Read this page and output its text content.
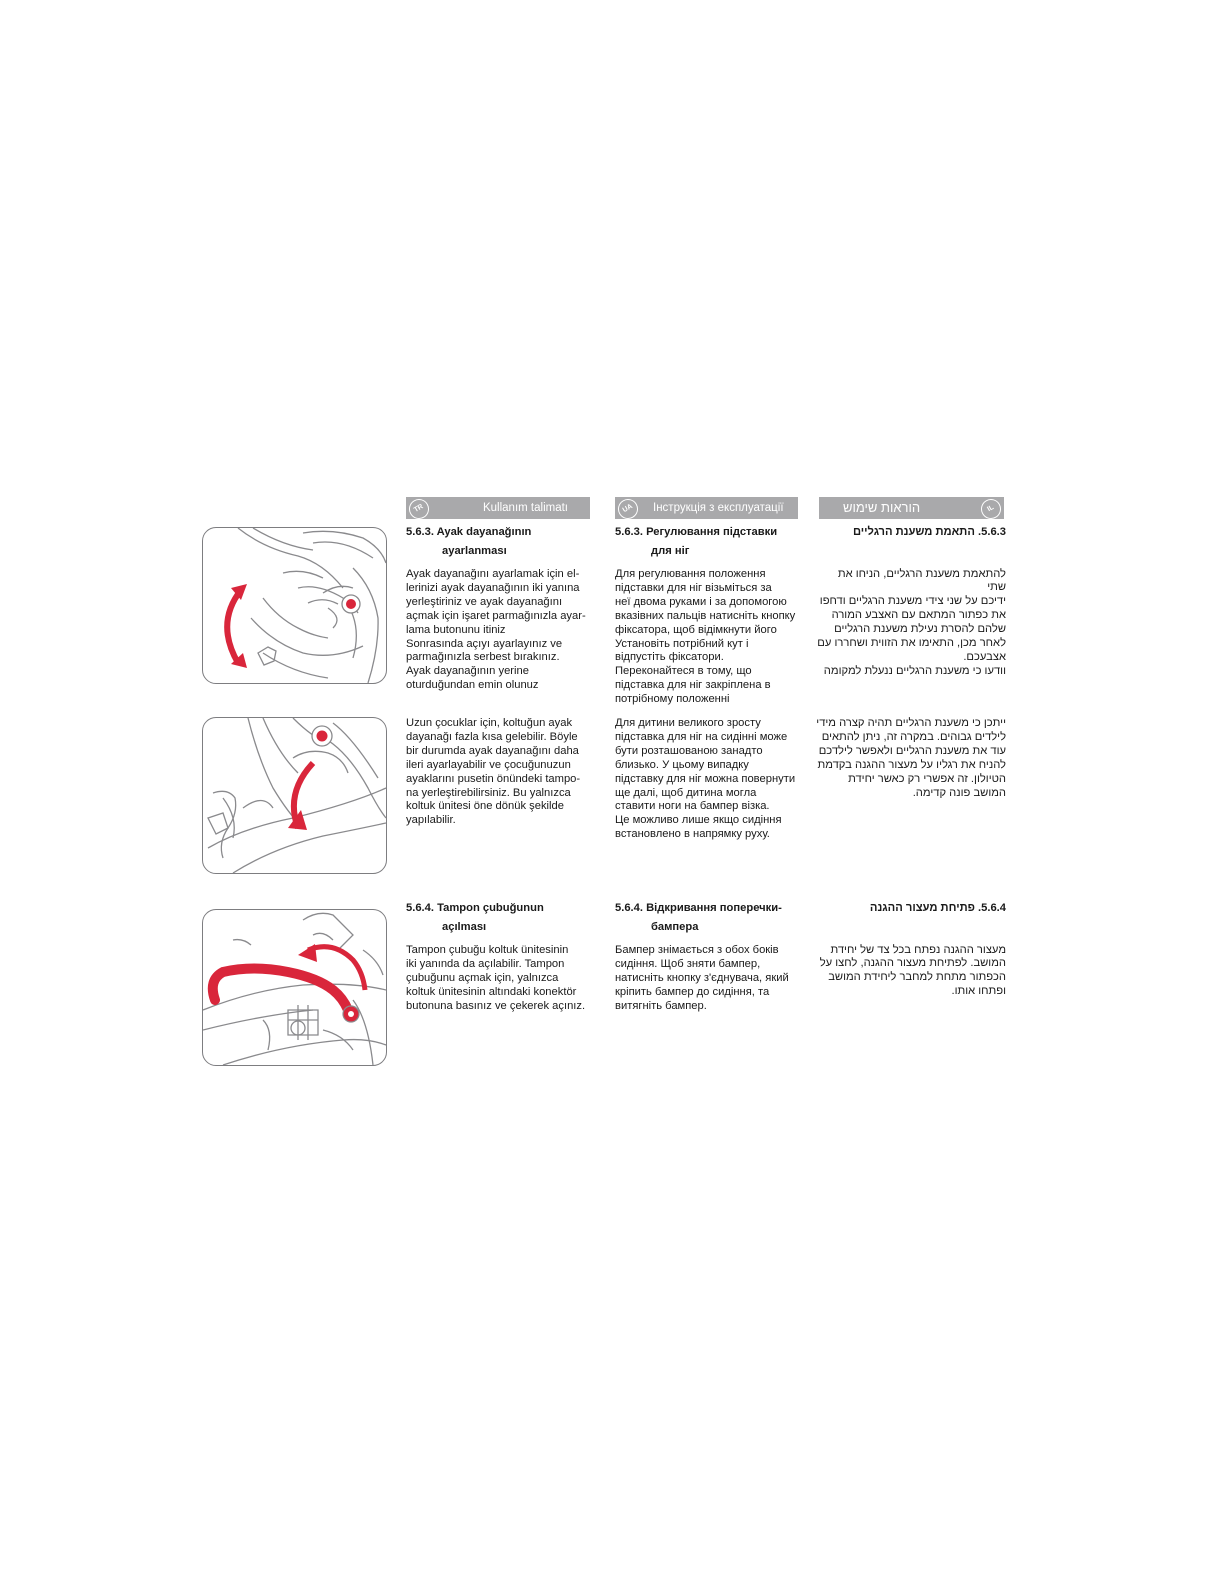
TR	Kullanım talimatı	UA	Інструкція з експлуатації	הוראות שימוש	IL
5.6.3. Ayak dayanağının
ayarlanması
Ayak dayanağını ayarlamak için el-
lerinizi ayak dayanağının iki yanına
yerleştiriniz ve ayak dayanağını
açmak için işaret parmağınızla ayar-
lama butonunu itiniz
Sonrasında açıyı ayarlayınız ve
parmağınızla serbest bırakınız.
Ayak dayanağının yerine
oturduğundan emin olunuz
5.6.3. Регулювання підставки
для ніг
Для регулювання положення
підставки для ніг візьміться за
неї двома руками і за допомогою
вказівних пальців натисніть кнопку
фіксатора, щоб відімкнути його
Установіть потрібний кут і
відпустіть фіксатори.
Переконайтеся в тому, що
підставка для ніг закріплена в
потрібному положенні
5.6.3. התאמת משענת הרגליים
להתאמת משענת הרגליים, הניחו את שתי
ידיכם על שני צידי משענת הרגליים ודחפו
את כפתור המתאם עם האצבע המורה
שלהם להסרת נעילת משענת הרגליים
לאחר מכן, התאימו את הזווית ושחררו עם
אצבעכם.
וודעו כי משענת הרגליים ננעלת למקומה
Uzun çocuklar için, koltuğun ayak
dayanağı fazla kısa gelebilir. Böyle
bir durumda ayak dayanağını daha
ileri ayarlayabilir ve çocuğunuzun
ayaklarını pusetin önündeki tampo-
na yerleştirebilirsiniz. Bu yalnızca
koltuk ünitesi öne dönük şekilde
yapılabilir.
Для дитини великого зросту
підставка для ніг на сидінні може
бути розташованою занадто
близько. У цьому випадку
підставку для ніг можна повернути
ще далі, щоб дитина могла
ставити ноги на бампер візка.
Це можливо лише якщо сидіння
встановлено в напрямку руху.
ייתכן כי משענת הרגליים תהיה קצרה מידי
לילדים גבוהים. במקרה זה, ניתן להתאים
עוד את משענת הרגליים ולאפשר לילדכם
להניח את רגליו על מעצור ההגנה בקדמת
הטיולון. זה אפשרי רק כאשר יחידת
המושב פונה קדימה.
5.6.4. Tampon çubuğunun
açılması
Tampon çubuğu koltuk ünitesinin
iki yanında da açılabilir. Tampon
çubuğunu açmak için, yalnızca
koltuk ünitesinin altındaki konektör
butonuna basınız ve çekerek açınız.
5.6.4. Відкривання поперечки-
бампера
Бампер знімається з обох боків
сидіння. Щоб зняти бампер,
натисніть кнопку з'єднувача, який
кріпить бампер до сидіння, та
витягніть бампер.
5.6.4. פתיחת מעצור ההגנה
מעצור ההגנה נפתח בכל צד של יחידת
המושב. לפתיחת מעצור ההגנה, לחצו על
הכפתור מתחת למחבר ליחידת המושב
ופתחו אותו.
